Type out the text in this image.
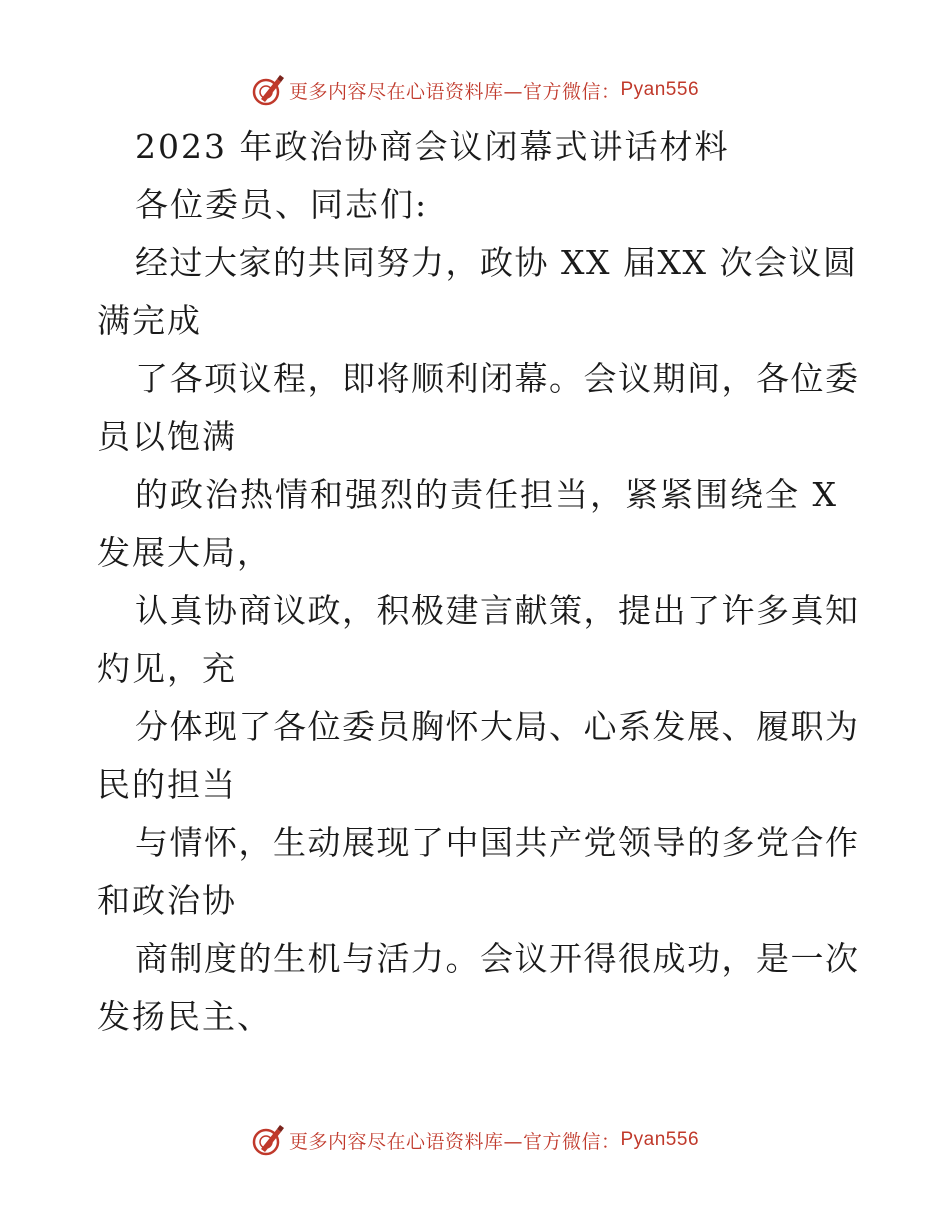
更多内容尽在心语资料库—官方微信： Pyan556
2023 年政治协商会议闭幕式讲话材料
各位委员、同志们:
经过大家的共同努力，政协 XX 届XX 次会议圆
满完成
了各项议程，即将顺利闭幕。会议期间，各位委
员以饱满
的政治热情和强烈的责任担当，紧紧围绕全 X
发展大局，
认真协商议政，积极建言献策，提出了许多真知
灼见，充
分体现了各位委员胸怀大局、心系发展、履职为
民的担当
与情怀，生动展现了中国共产党领导的多党合作
和政治协
商制度的生机与活力。会议开得很成功，是一次
发扬民主、
更多内容尽在心语资料库—官方微信： Pyan556
